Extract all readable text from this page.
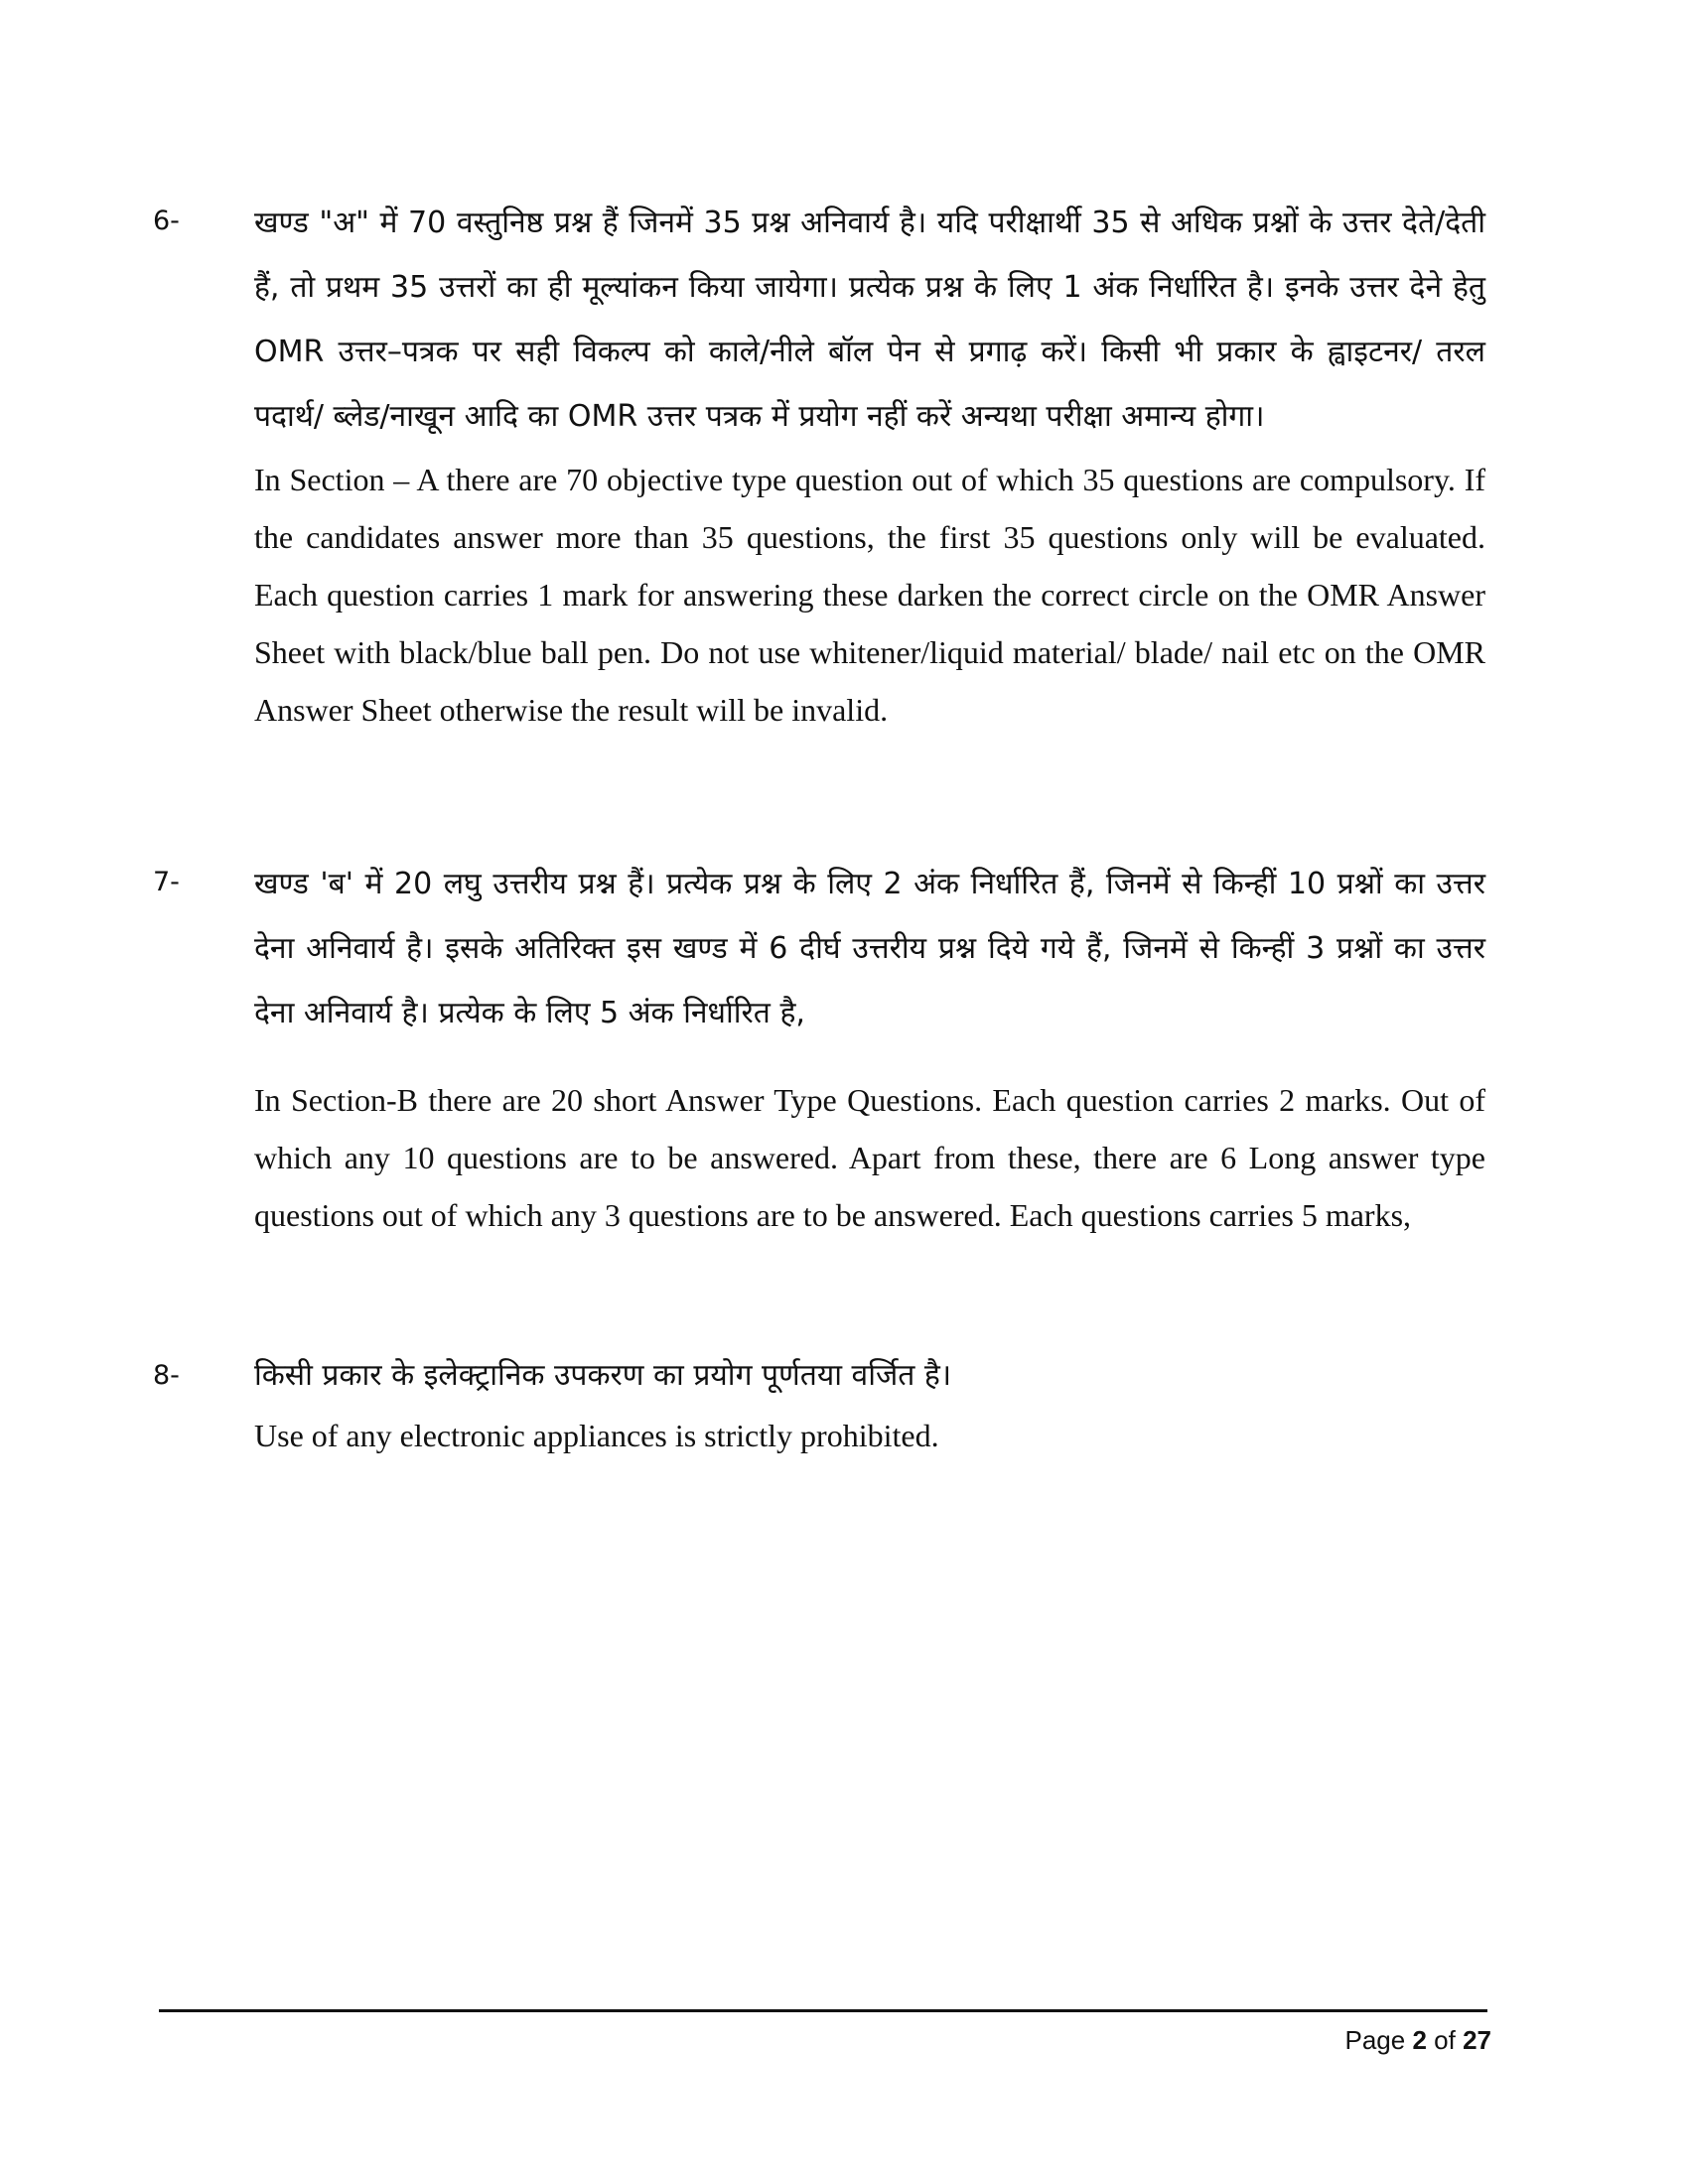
6-	खण्ड "अ" में 70 वस्तुनिष्ठ प्रश्न हैं जिनमें 35 प्रश्न अनिवार्य है। यदि परीक्षार्थी 35 से अधिक प्रश्नों के उत्तर देते/देती हैं, तो प्रथम 35 उत्तरों का ही मूल्यांकन किया जायेगा। प्रत्येक प्रश्न के लिए 1 अंक निर्धारित है। इनके उत्तर देने हेतु OMR उत्तर–पत्रक पर सही विकल्प को काले/नीले बॉल पेन से प्रगाढ़ करें। किसी भी प्रकार के ह्वाइटनर/ तरल पदार्थ/ ब्लेड/नाखून आदि का OMR उत्तर पत्रक में प्रयोग नहीं करें अन्यथा परीक्षा अमान्य होगा।

In Section – A there are 70 objective type question out of which 35 questions are compulsory. If the candidates answer more than 35 questions, the first 35 questions only will be evaluated. Each question carries 1 mark for answering these darken the correct circle on the OMR Answer Sheet with black/blue ball pen. Do not use whitener/liquid material/ blade/ nail etc on the OMR Answer Sheet otherwise the result will be invalid.

7-	खण्ड 'ब' में 20 लघु उत्तरीय प्रश्न हैं। प्रत्येक प्रश्न के लिए 2 अंक निर्धारित हैं, जिनमें से किन्हीं 10 प्रश्नों का उत्तर देना अनिवार्य है। इसके अतिरिक्त इस खण्ड में 6 दीर्घ उत्तरीय प्रश्न दिये गये हैं, जिनमें से किन्हीं 3 प्रश्नों का उत्तर देना अनिवार्य है। प्रत्येक के लिए 5 अंक निर्धारित है,

In Section-B there are 20 short Answer Type Questions. Each question carries 2 marks. Out of which any 10 questions are to be answered. Apart from these, there are 6 Long answer type questions out of which any 3 questions are to be answered. Each questions carries 5 marks,

8-	किसी प्रकार के इलेक्ट्रानिक उपकरण का प्रयोग पूर्णतया वर्जित है।

Use of any electronic appliances is strictly prohibited.

Page 2 of 27
